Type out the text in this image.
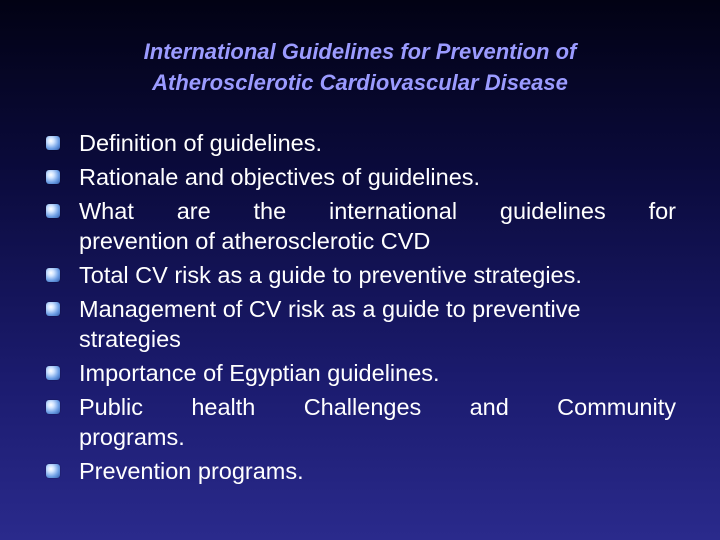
International Guidelines for Prevention of
Atherosclerotic Cardiovascular Disease
Definition of guidelines.
Rationale and objectives of guidelines.
What are the international guidelines for
prevention of atherosclerotic CVD
Total CV risk as a guide to preventive strategies.
Management of CV risk as a guide to preventive
strategies
Importance of Egyptian guidelines.
Public health Challenges and Community
programs.
Prevention programs.
